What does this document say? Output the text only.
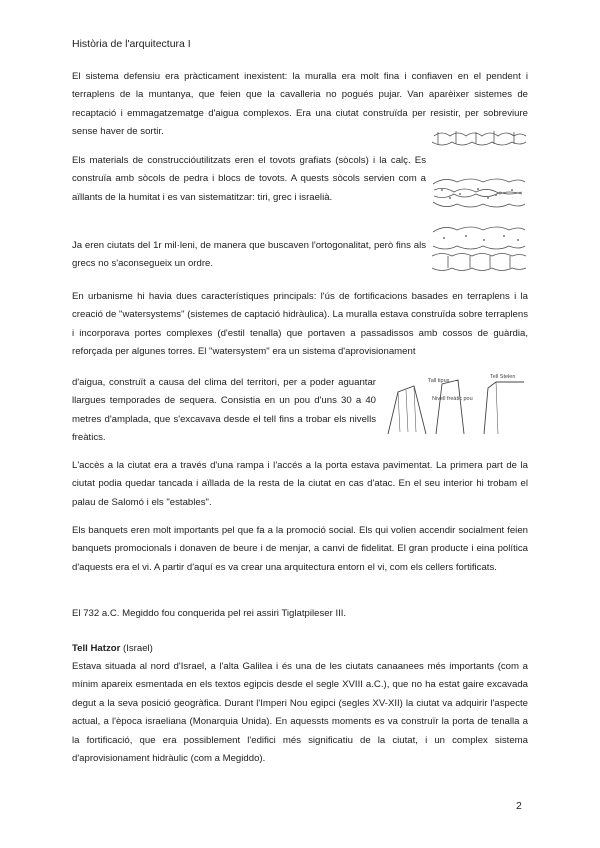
Història de l'arquitectura I

El sistema defensiu era pràcticament inexistent: la muralla era molt fina i confiaven en el pendent i terraplens de la muntanya, que feien que la cavalleria no pogués pujar. Van aparèixer sistemes de recaptació i emmagatzematge d'aigua complexos. Era una ciutat construïda per resistir, per sobreviure sense haver de sortir.

Els materials de construccióutilitzats eren el tovots grafiats (sòcols) i la calç. Es construïa amb sòcols de pedra i blocs de tovots. A quests sòcols servien com a aïllants de la humitat i es van sistematitzar: tiri, grec i israelià.

Ja eren ciutats del 1r mil·leni, de manera que buscaven l'ortogonalitat, però fins als grecs no s'aconsegueix un ordre.

En urbanisme hi havia dues característiques principals: l'ús de fortificacions basades en terraplens i la creació de "watersystems" (sistemes de captació hidràulica). La muralla estava construïda sobre terraplens i incorporava portes complexes (d'estil tenalla) que portaven a passadissos amb cossos de guàrdia, reforçada per algunes torres. El "watersystem" era un sistema d'aprovisionament

d'aigua, construït a causa del clima del territori, per a poder aguantar llargues temporades de sequera. Consistia en un pou d'uns 30 a 40 metres d'amplada, que s'excavava desde el tell fins a trobar els nivells freàtics.

Tall tipus
Nivell freàtic pou
Tell Stelen

L'accès a la ciutat era a través d'una rampa i l'accés a la porta estava pavimentat. La primera part de la ciutat podia quedar tancada i aïllada de la resta de la ciutat en cas d'atac. En el seu interior hi trobam el palau de Salomó i els "estables".

Els banquets eren molt importants pel que fa a la promoció social. Els qui volien accendir socialment feien banquets promocionals i donaven de beure i de menjar, a canvi de fidelitat. El gran producte i eina política d'aquests era el vi. A partir d'aquí es va crear una arquitectura entorn el vi, com els cellers fortificats.

El 732 a.C. Megiddo fou conquerida pel rei assiri Tiglatpileser III.

Tell Hatzor (Israel)

Estava situada al nord d'Israel, a l'alta Galilea i és una de les ciutats canaanees més importants (com a mínim apareix esmentada en els textos egipcis desde el segle XVIII a.C.), que no ha estat gaire excavada degut a la seva posició geogràfica. Durant l'Imperi Nou egipci (segles XV-XII) la ciutat va adquirir l'aspecte actual, a l'època israeliana (Monarquia Unida). En aquessts moments es va construïr la porta de tenalla a la fortificació, que era possiblement l'edifici més significatiu de la ciutat, i un complex sistema d'aprovisionament hidràulic (com a Megiddo).

2
